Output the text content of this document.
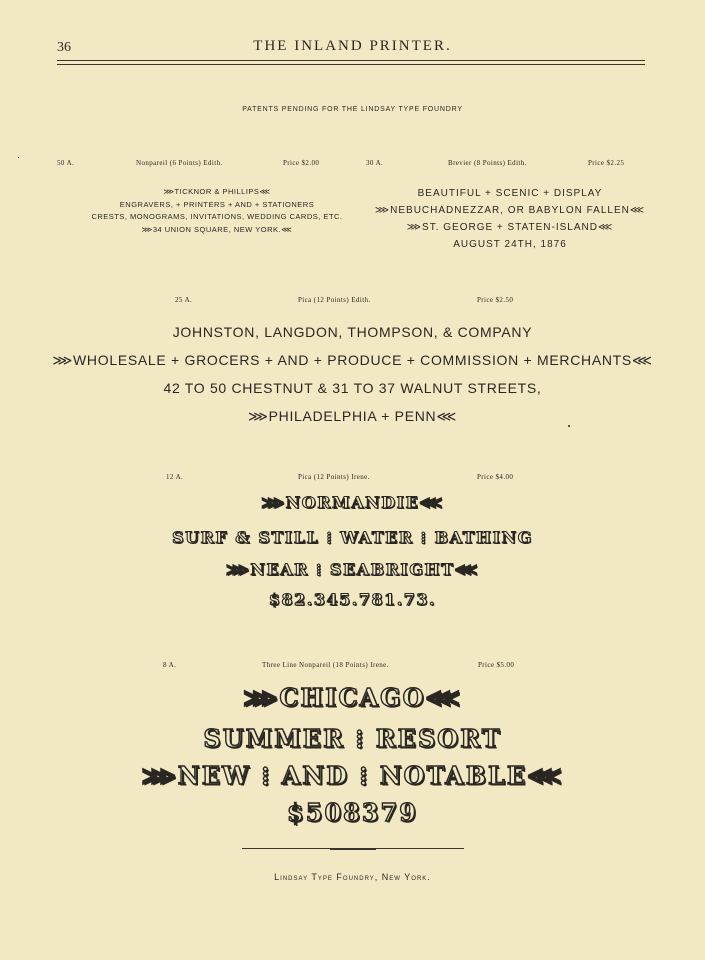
36	THE INLAND PRINTER.
PATENTS PENDING FOR THE LINDSAY TYPE FOUNDRY
50 A.	Nonpareil (6 Points) Edith.	Price $2.00
⋙TICKNOR & PHILLIPS⋘
ENGRAVERS, + PRINTERS + AND + STATIONERS
CRESTS, MONOGRAMS, INVITATIONS, WEDDING CARDS, ETC.
⋙34 UNION SQUARE, NEW YORK.⋘
30 A.	Brevier (8 Points) Edith.	Price $2.25
BEAUTIFUL + SCENIC + DISPLAY
⋙NEBUCHADNEZZAR, OR BABYLON FALLEN⋘
⋙ST. GEORGE + STATEN-ISLAND⋘
AUGUST 24TH, 1876
25 A.	Pica (12 Points) Edith.	Price $2.50
JOHNSTON, LANGDON, THOMPSON, & COMPANY
⋙WHOLESALE + GROCERS + AND + PRODUCE + COMMISSION + MERCHANTS⋘
42 TO 50 CHESTNUT & 31 TO 37 WALNUT STREETS,
⋙PHILADELPHIA + PENN⋘
12 A.	Pica (12 Points) Irene.	Price $4.00
⋙NORMANDIE⋘
SURF & STILL ⁞ WATER ⁞ BATHING
⋙NEAR ⁞ SEABRIGHT⋘
$82.345.781.73.
8 A.	Three Line Nonpareil (18 Points) Irene.	Price $5.00
⋙CHICAGO⋘
SUMMER ⁞ RESORT
⋙NEW ⁞ AND ⁞ NOTABLE⋘
$508379
Lindsay Type Foundry, New York.
